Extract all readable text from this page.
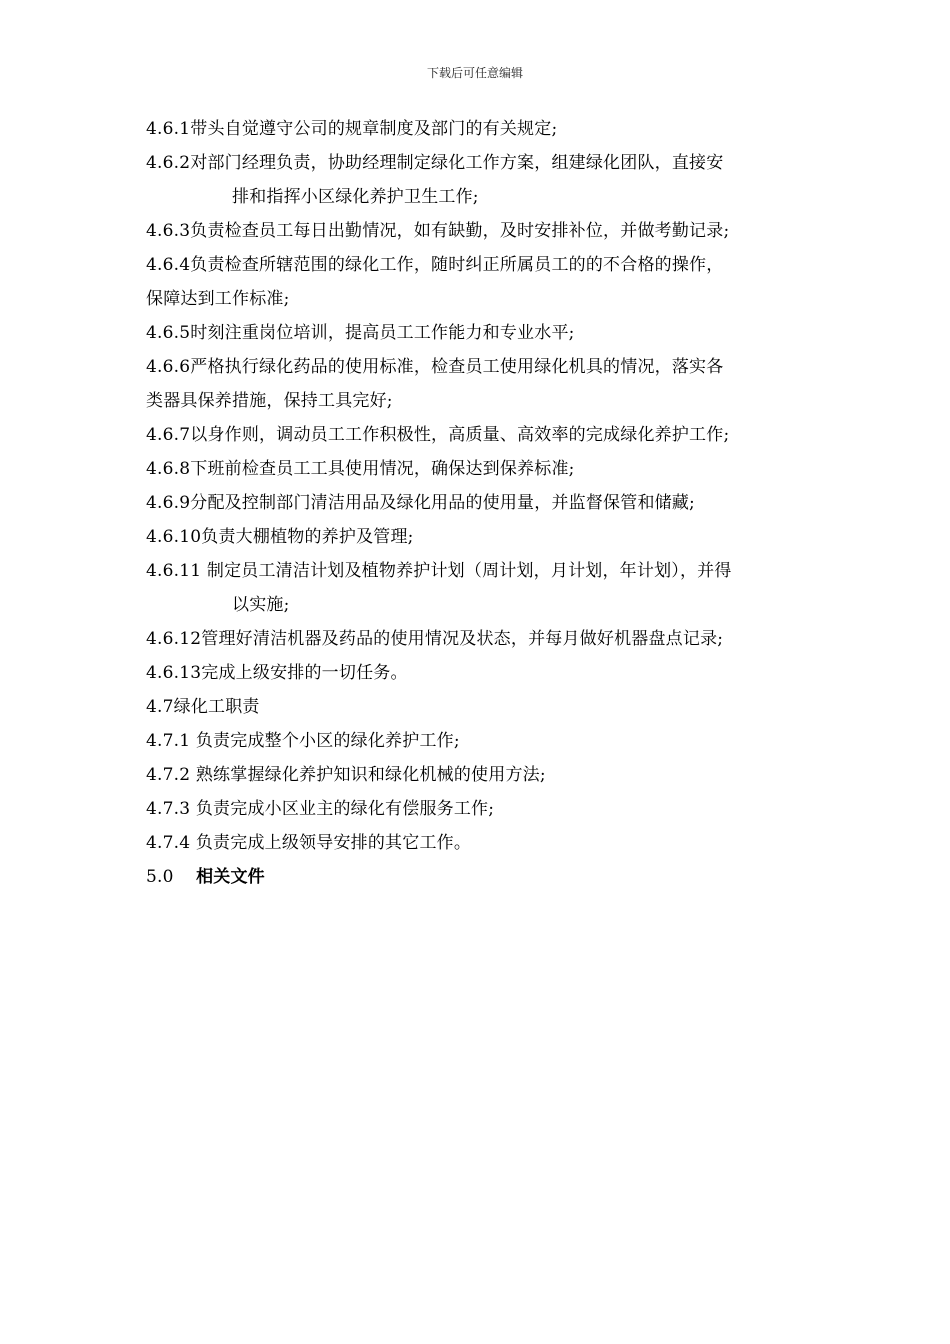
下载后可任意编辑
4.6.1带头自觉遵守公司的规章制度及部门的有关规定;
4.6.2对部门经理负责，协助经理制定绿化工作方案，组建绿化团队，直接安
排和指挥小区绿化养护卫生工作;
4.6.3负责检查员工每日出勤情况，如有缺勤，及时安排补位，并做考勤记录;
4.6.4负责检查所辖范围的绿化工作，随时纠正所属员工的的不合格的操作，
保障达到工作标准;
4.6.5时刻注重岗位培训，提高员工工作能力和专业水平;
4.6.6严格执行绿化药品的使用标准，检查员工使用绿化机具的情况，落实各
类器具保养措施，保持工具完好;
4.6.7以身作则，调动员工工作积极性，高质量、高效率的完成绿化养护工作;
4.6.8下班前检查员工工具使用情况，确保达到保养标准;
4.6.9分配及控制部门清洁用品及绿化用品的使用量，并监督保管和储藏;
4.6.10负责大棚植物的养护及管理;
4.6.11 制定员工清洁计划及植物养护计划（周计划，月计划，年计划），并得
以实施;
4.6.12管理好清洁机器及药品的使用情况及状态，并每月做好机器盘点记录;
4.6.13完成上级安排的一切任务。
4.7绿化工职责
4.7.1 负责完成整个小区的绿化养护工作;
4.7.2 熟练掌握绿化养护知识和绿化机械的使用方法;
4.7.3 负责完成小区业主的绿化有偿服务工作;
4.7.4 负责完成上级领导安排的其它工作。
5.0 相关文件
